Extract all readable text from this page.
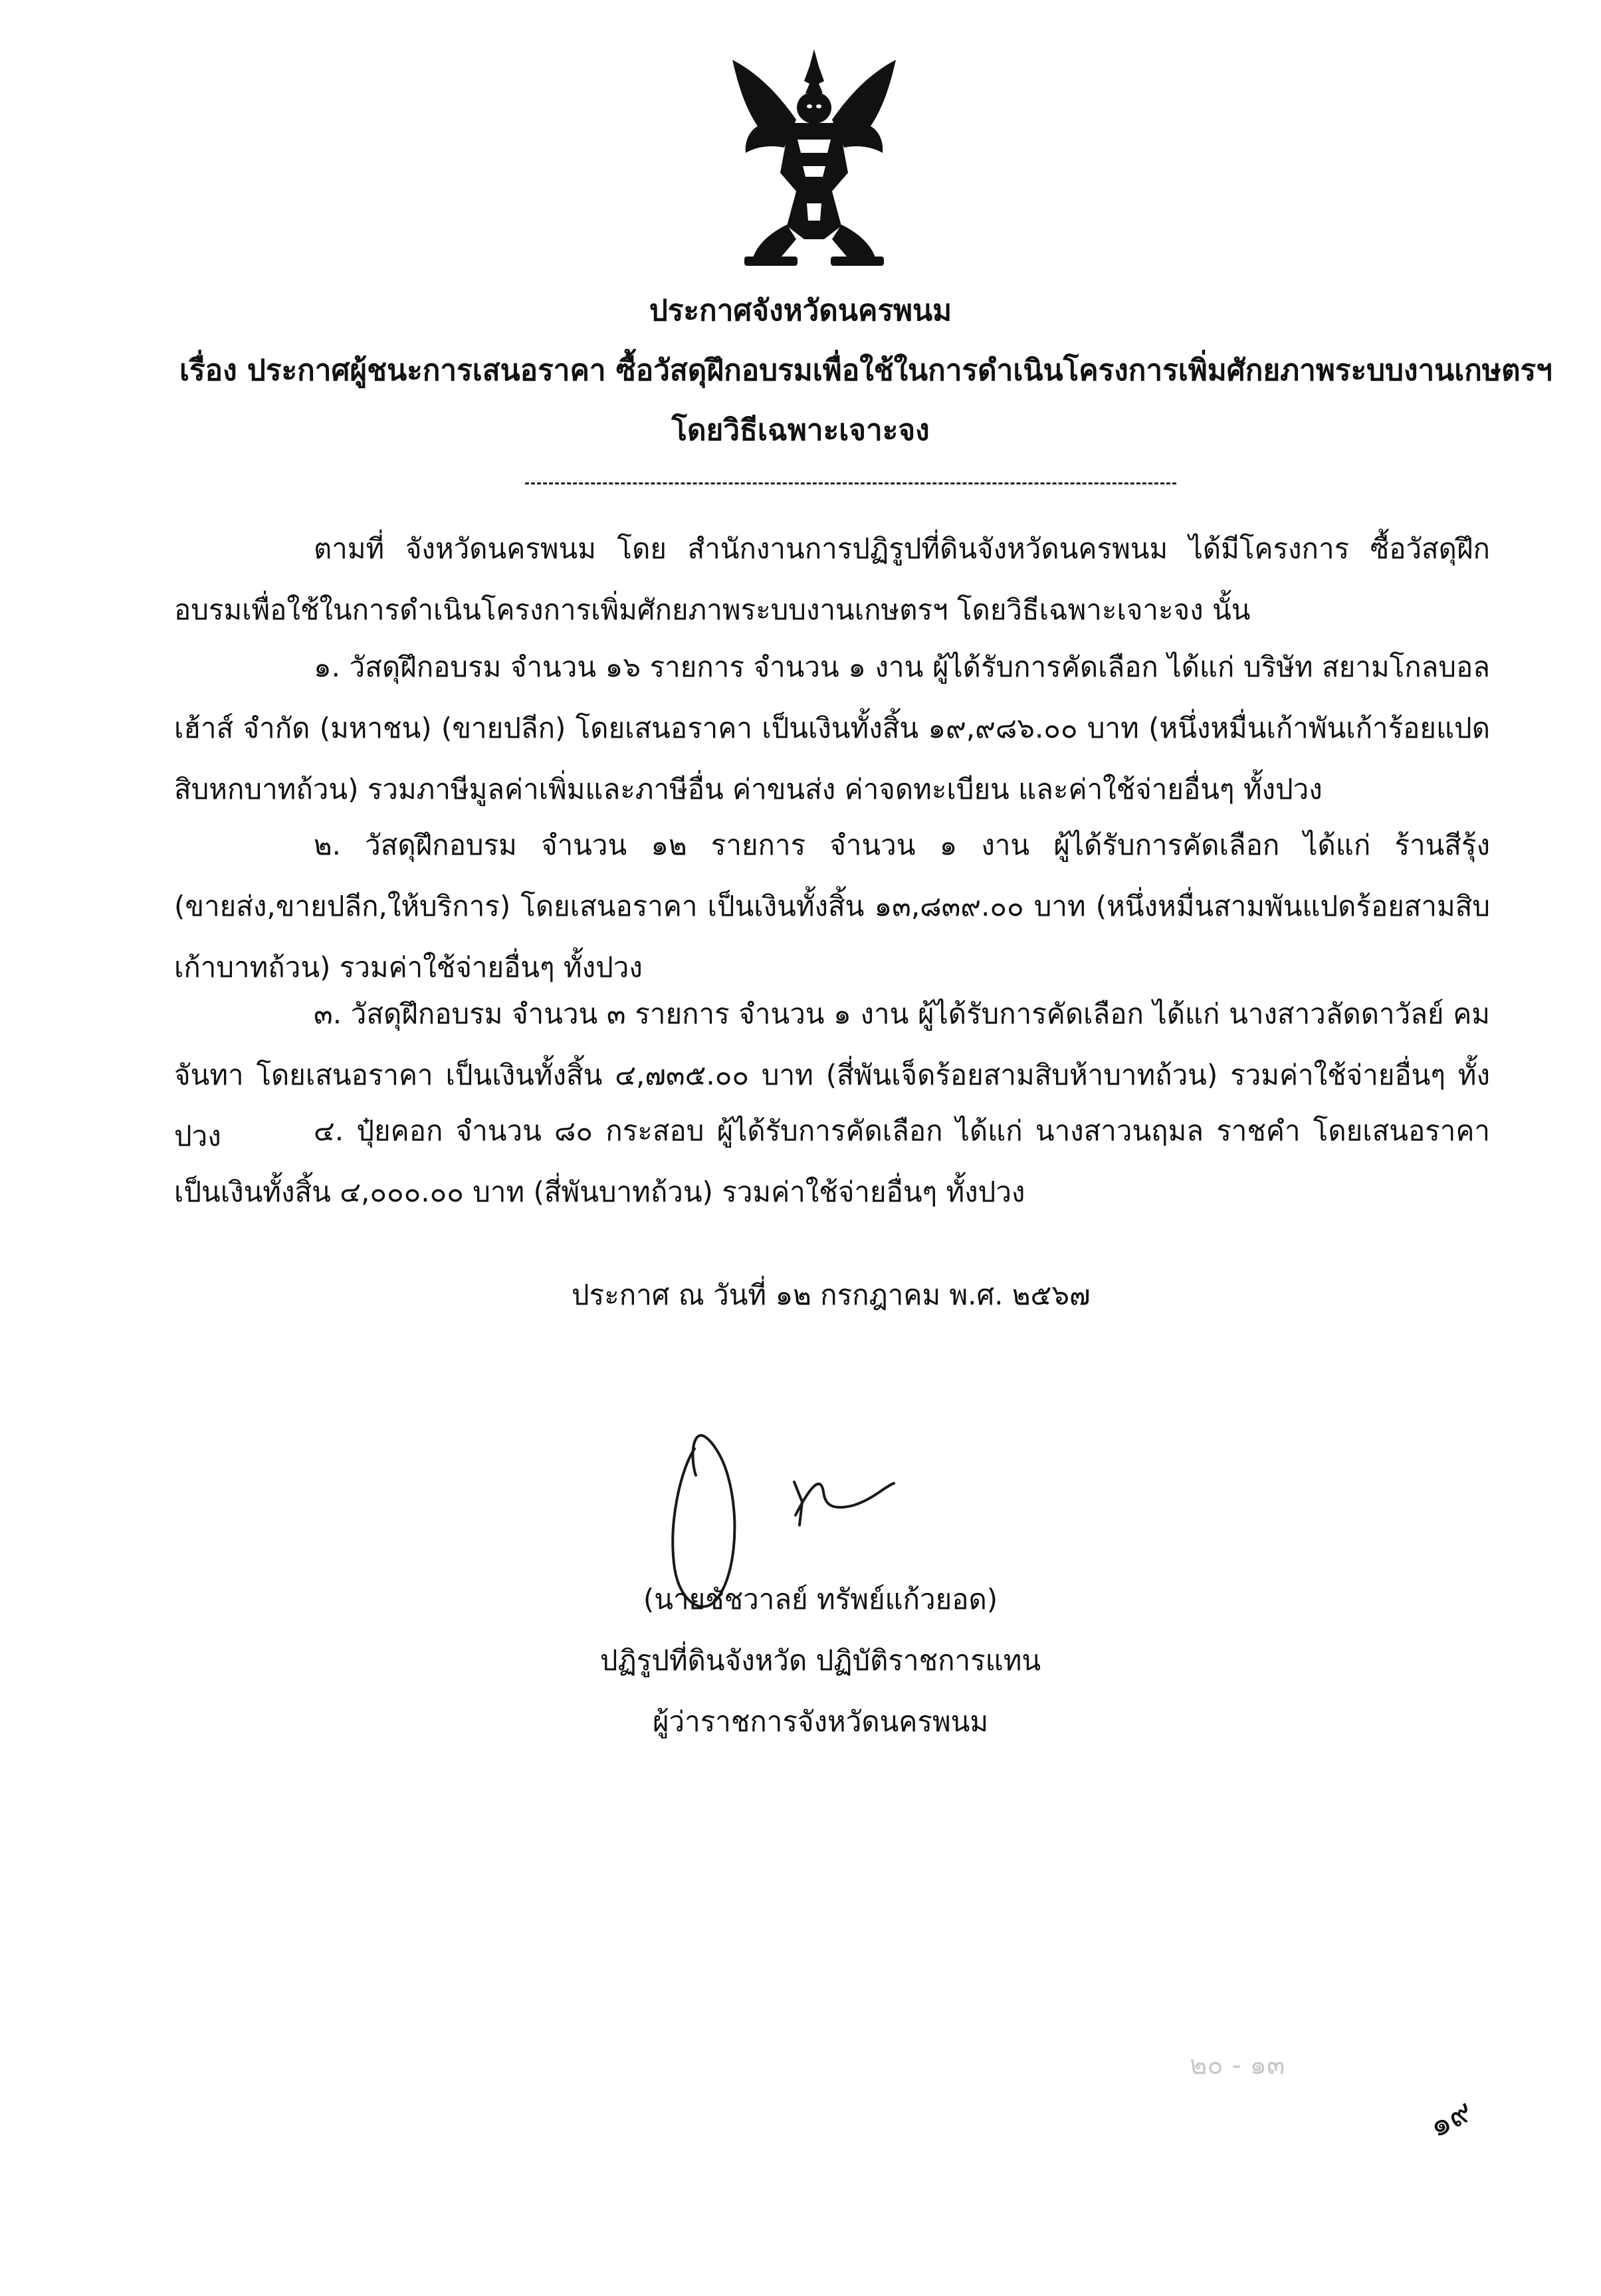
ประกาศจังหวัดนครพนม
เรื่อง ประกาศผู้ชนะการเสนอราคา ซื้อวัสดุฝึกอบรมเพื่อใช้ในการดำเนินโครงการเพิ่มศักยภาพระบบงานเกษตรฯ
โดยวิธีเฉพาะเจาะจง
ตามที่ จังหวัดนครพนม โดย สำนักงานการปฏิรูปที่ดินจังหวัดนครพนม ได้มีโครงการ ซื้อวัสดุฝึกอบรมเพื่อใช้ในการดำเนินโครงการเพิ่มศักยภาพระบบงานเกษตรฯ โดยวิธีเฉพาะเจาะจง นั้น
๑. วัสดุฝึกอบรม จำนวน ๑๖ รายการ จำนวน ๑ งาน ผู้ได้รับการคัดเลือก ได้แก่ บริษัท สยามโกลบอล เฮ้าส์ จำกัด (มหาชน) (ขายปลีก) โดยเสนอราคา เป็นเงินทั้งสิ้น ๑๙,๙๘๖.๐๐ บาท (หนึ่งหมื่นเก้าพันเก้าร้อยแปดสิบหกบาทถ้วน) รวมภาษีมูลค่าเพิ่มและภาษีอื่น ค่าขนส่ง ค่าจดทะเบียน และค่าใช้จ่ายอื่นๆ ทั้งปวง
๒. วัสดุฝึกอบรม จำนวน ๑๒ รายการ จำนวน ๑ งาน ผู้ได้รับการคัดเลือก ได้แก่ ร้านสีรุ้ง (ขายส่ง,ขายปลีก,ให้บริการ) โดยเสนอราคา เป็นเงินทั้งสิ้น ๑๓,๘๓๙.๐๐ บาท (หนึ่งหมื่นสามพันแปดร้อยสามสิบเก้าบาทถ้วน) รวมค่าใช้จ่ายอื่นๆ ทั้งปวง
๓. วัสดุฝึกอบรม จำนวน ๓ รายการ จำนวน ๑ งาน ผู้ได้รับการคัดเลือก ได้แก่ นางสาวลัดดาวัลย์ คมจันทา โดยเสนอราคา เป็นเงินทั้งสิ้น ๔,๗๓๕.๐๐ บาท (สี่พันเจ็ดร้อยสามสิบห้าบาทถ้วน) รวมค่าใช้จ่ายอื่นๆ ทั้งปวง	๔. ปุ๋ยคอก จำนวน ๘๐ กระสอบ ผู้ได้รับการคัดเลือก ได้แก่ นางสาวนฤมล ราชคำ โดยเสนอราคา เป็นเงินทั้งสิ้น ๔,๐๐๐.๐๐ บาท (สี่พันบาทถ้วน) รวมค่าใช้จ่ายอื่นๆ ทั้งปวง
ประกาศ ณ วันที่ ๑๒ กรกฎาคม พ.ศ. ๒๕๖๗
(นายชัชวาลย์ ทรัพย์แก้วยอด)
ปฏิรูปที่ดินจังหวัด ปฏิบัติราชการแทน
ผู้ว่าราชการจังหวัดนครพนม
๒๐ - ๑๓
๑๙
